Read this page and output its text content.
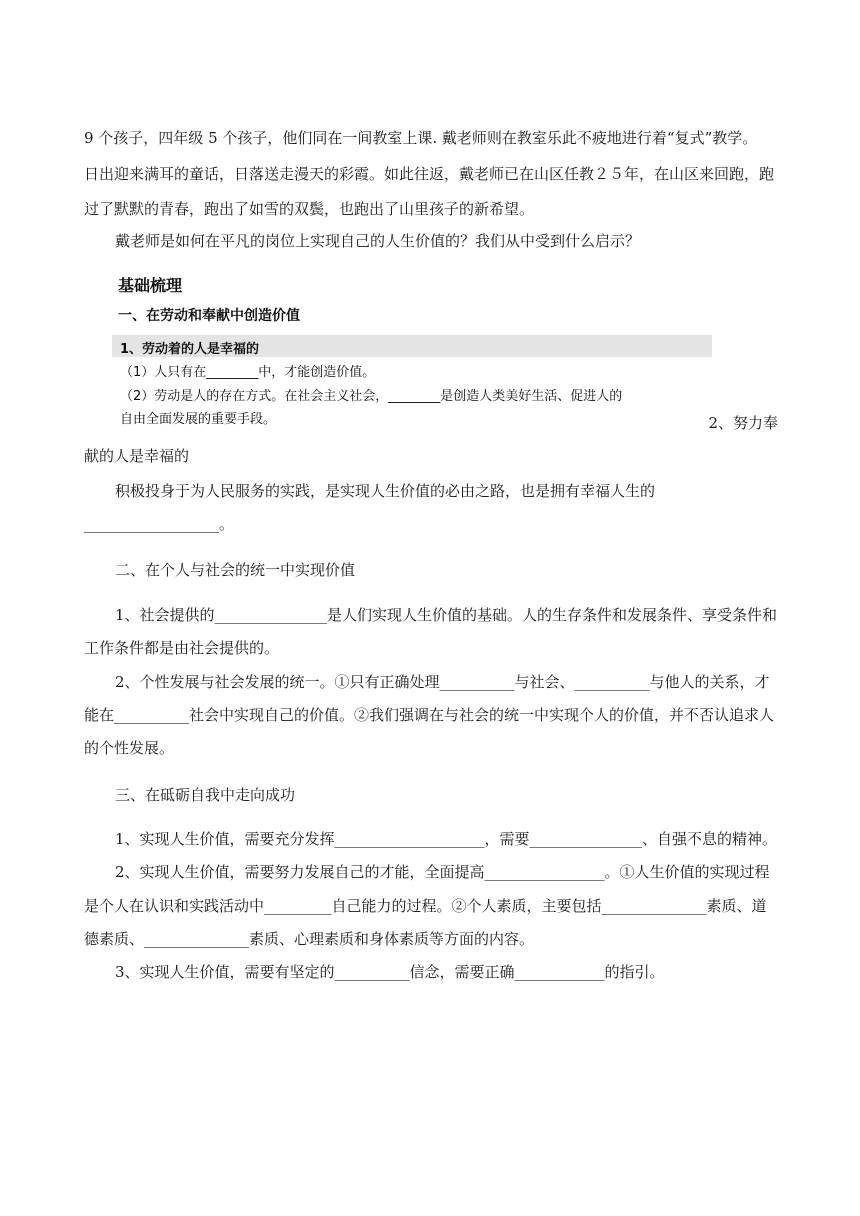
9 个孩子，四年级 5 个孩子，他们同在一间教室上课. 戴老师则在教室乐此不疲地进行着“复式”教学。
日出迎来满耳的童话，日落送走漫天的彩霞。如此往返，戴老师已在山区任教２５年，在山区来回跑，跑
过了默默的青春，跑出了如雪的双鬓，也跑出了山里孩子的新希望。
戴老师是如何在平凡的岗位上实现自己的人生价值的？我们从中受到什么启示？
基础梳理
一、在劳动和奉献中创造价值
1、劳动着的人是幸福的
（1）人只有在________中，才能创造价值。
（2）劳动是人的存在方式。在社会主义社会，________是创造人类美好生活、促进人的
自由全面发展的重要手段。	2、努力奉
献的人是幸福的
积极投身于为人民服务的实践，是实现人生价值的必由之路，也是拥有幸福人生的
__________________。
二、在个人与社会的统一中实现价值
1、社会提供的_______________是人们实现人生价值的基础。人的生存条件和发展条件、享受条件和
工作条件都是由社会提供的。
2、个性发展与社会发展的统一。①只有正确处理__________与社会、__________与他人的关系，才
能在__________社会中实现自己的价值。②我们强调在与社会的统一中实现个人的价值，并不否认追求人
的个性发展。
三、在砥砺自我中走向成功
1、实现人生价值，需要充分发挥____________________，需要_______________、自强不息的精神。
2、实现人生价值，需要努力发展自己的才能，全面提高________________。①人生价值的实现过程
是个人在认识和实践活动中_________自己能力的过程。②个人素质，主要包括______________素质、道
德素质、______________素质、心理素质和身体素质等方面的内容。
3、实现人生价值，需要有坚定的__________信念，需要正确____________的指引。
